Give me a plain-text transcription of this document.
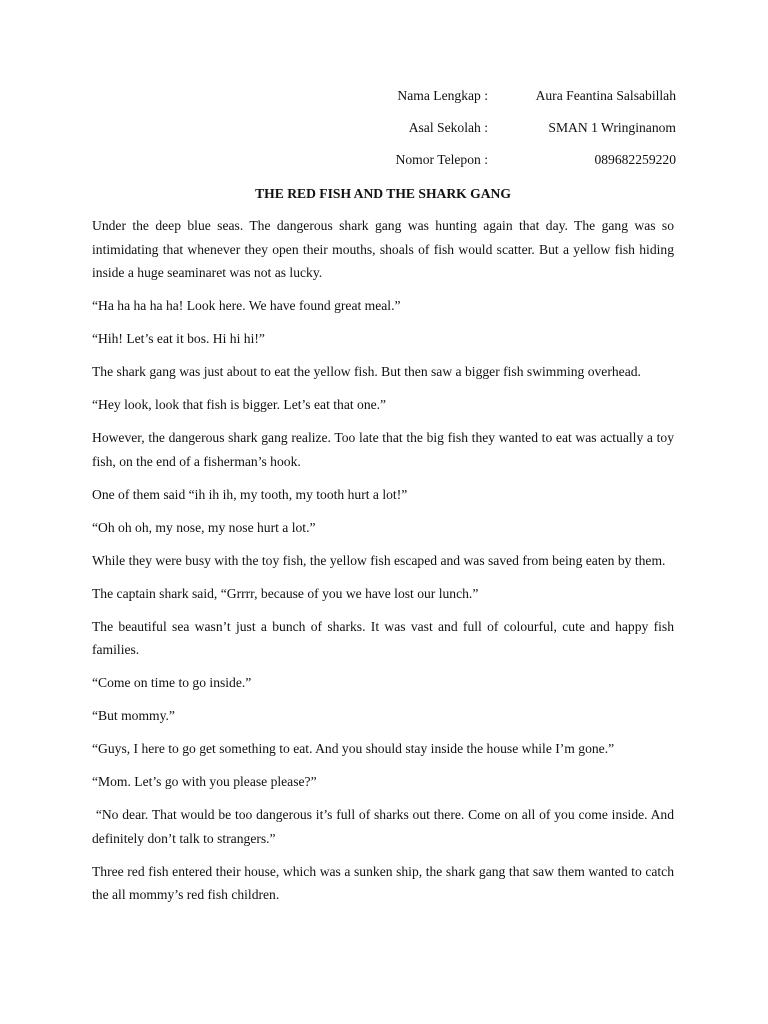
Nama Lengkap :	Aura Feantina Salsabillah
Asal Sekolah :	SMAN 1 Wringinanom
Nomor Telepon :	089682259220
THE RED FISH AND THE SHARK GANG

Under the deep blue seas. The dangerous shark gang was hunting again that day. The gang was so intimidating that whenever they open their mouths, shoals of fish would scatter. But a yellow fish hiding inside a huge seaminaret was not as lucky.

“Ha ha ha ha ha! Look here. We have found great meal.”

“Hih! Let’s eat it bos. Hi hi hi!”

The shark gang was just about to eat the yellow fish. But then saw a bigger fish swimming overhead.

“Hey look, look that fish is bigger. Let’s eat that one.”

However, the dangerous shark gang realize. Too late that the big fish they wanted to eat was actually a toy fish, on the end of a fisherman’s hook.

One of them said “ih ih ih, my tooth, my tooth hurt a lot!”

“Oh oh oh, my nose, my nose hurt a lot.”

While they were busy with the toy fish, the yellow fish escaped and was saved from being eaten by them.

The captain shark said, “Grrrr, because of you we have lost our lunch.”

The beautiful sea wasn’t just a bunch of sharks. It was vast and full of colourful, cute and happy fish families.

“Come on time to go inside.”

“But mommy.”

“Guys, I here to go get something to eat. And you should stay inside the house while I’m gone.”

“Mom. Let’s go with you please please?”

“No dear. That would be too dangerous it’s full of sharks out there. Come on all of you come inside. And definitely don’t talk to strangers.”

Three red fish entered their house, which was a sunken ship, the shark gang that saw them wanted to catch the all mommy’s red fish children.
